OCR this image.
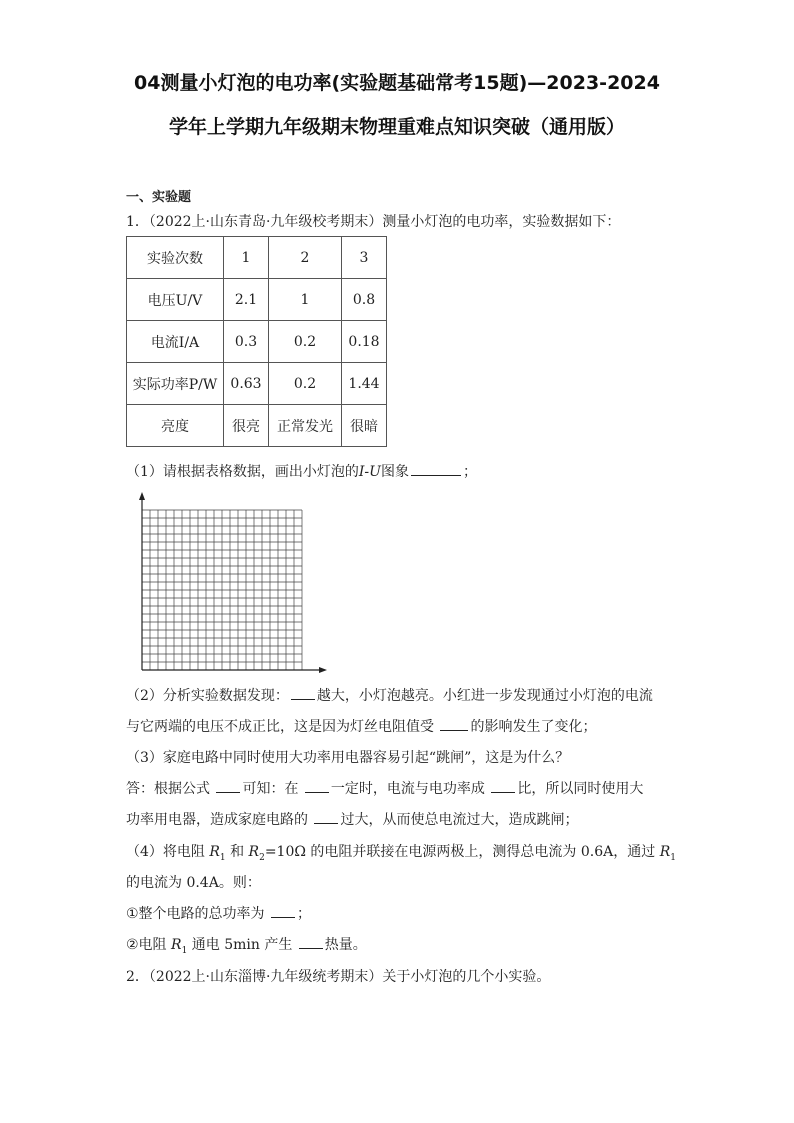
04测量小灯泡的电功率(实验题基础常考15题)—2023-2024
学年上学期九年级期末物理重难点知识突破（通用版）
一、实验题
1．（2022上·山东青岛·九年级校考期末）测量小灯泡的电功率，实验数据如下：
实验次数	1	2	3
电压U/V	2.1	1	0.8
电流I/A	0.3	0.2	0.18
实际功率P/W	0.63	0.2	1.44
亮度	很亮	正常发光	很暗
（1）请根据表格数据，画出小灯泡的I-U图象	；
（2）分析实验数据发现： 越大，小灯泡越亮。小红进一步发现通过小灯泡的电流
与它两端的电压不成正比，这是因为灯丝电阻值受 的影响发生了变化；
（3）家庭电路中同时使用大功率用电器容易引起“跳闸”，这是为什么？
答：根据公式 可知：在 一定时，电流与电功率成 比，所以同时使用大
功率用电器，造成家庭电路的 过大，从而使总电流过大，造成跳闸；
（4）将电阻 $R_1$ 和 $R_2=10\Omega$ 的电阻并联接在电源两极上，测得总电流为 0.6A，通过 $R_1$
的电流为 0.4A。则：
①整个电路的总功率为 ；
②电阻 $R_1$ 通电 5min 产生 热量。
2．（2022上·山东淄博·九年级统考期末）关于小灯泡的几个小实验。
